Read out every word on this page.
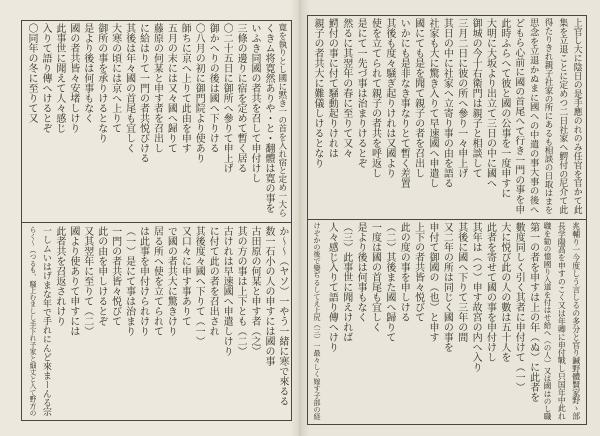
寛を執りとし國に黙き一の首を入れ宿と定め一大ら
くきム将寛然ありや・と・翻體は寛の事を
いふき同國の者共を召して申付けし
三條の邊りに宿を定めて暫く居る
〇二十五日に御所へ參りて申上げ
御かへりの後は國へ下りける
〇八月の初に御門院より使あり
師ちに京へ上りて此由を申す
五月の末には又々國へ歸りて
藤原の何某と申す者を召出し
に給はりて一門の者共悦びける
其後は年々國の首尾も宜しく
大寒の頃には京へ上りて
御所の事を承りけるとなり
是より後は何事もなく
國の者共皆々安堵しけり
此事世に聞えて人々感じ
入りて語り傳へけるとぞ
〇同年の冬に至りて又
か〜〜（ヤソ）一やう一緒に寒で來るる
数一石小の人の申すには國の事
古田原の何某と申す者（之）
其の方の事は上下とも（二）
古けれは早速國へ申遣しけり
に付て此の者を召出され
其後度々國へ下りて（一）
又口々に申す事ありて
で國の者共大に驚きけり
居る所へ使を立てられて
は此事を申付けられけり
（一）是にて事は治まり
一門の者共皆々悦びて
此の由を申しけるとぞ
又其翌年に至りて（二）
國より使ありて申すには
此者共を召返されけり
一しムいはげまな年で手れにんど來まーんる宗
らく〜（つるも、騒上むましし手下れ子家と細丈と入て野方の
上官し大に陰日の是手應のれのみ任官を官かて此
集を立退ことに定めつ二日社家へ鰐付の尼介て此
得たりきれ親子社家の所にあるも相談の日取はまを
思念を立退かぬまに國への中遣の事大事の後へ
どもら心前に國の首尾へて行き一門の事を申
此時ふらへて彼と國の公事を一度申すに
大明に大坂より出立て三日の中に國へ
御城の今十右衛門は親子と相談して
三月二日に彼の所へ參り一々申上げ
其日の中に社家へ立寄り事の由を語る
社家も大に驚き入りて早速國へ申遣し
國にても是を聞て親子の者を召出し
いかにも是非なき事なりとて暫く差置
其後も度々騒ぎ起りけれは又國より
使を立てられて親子の者共を呼返し
是にて一先づ事は治まりけるとぞ
然るに其翌年の春に至りて又々
鰐付の事に付て騒動起りけれは
親子の者共大に難儀しけるとなり
兆輔り一今度しう言しるの多分と官り鍼野體賢家野ゝ部
長学陽高を申すのこく又は年卿に申付戰し只国年中此れ
職を勧の憶國り入道を付はせ給へ（の人）又は國はのし職
第一の者を申すは上の年（ぬ）に此者を
數度同しく引く其者に申付けて（一）
大に悦び此の人の數は五十人を
此者を寄せて國の事を申付けし
其年は（つ）申す故宮の内へ入り
其後に國へ下りて三年の間
又二年の所は同じく國の事を
申付て御國の（也）と申す
上下の者共皆々悦びて
此の度の事を申しける
（二）其後また國へ歸りて
一度は國の首尾も宜しく
是より後は何事もなく
（三）此事世に聞えければ
人々感じ入りて語り傳へけり
けぞかの後で變ぢるしてえ上尻（三）一最々しく嫁す子部の経
